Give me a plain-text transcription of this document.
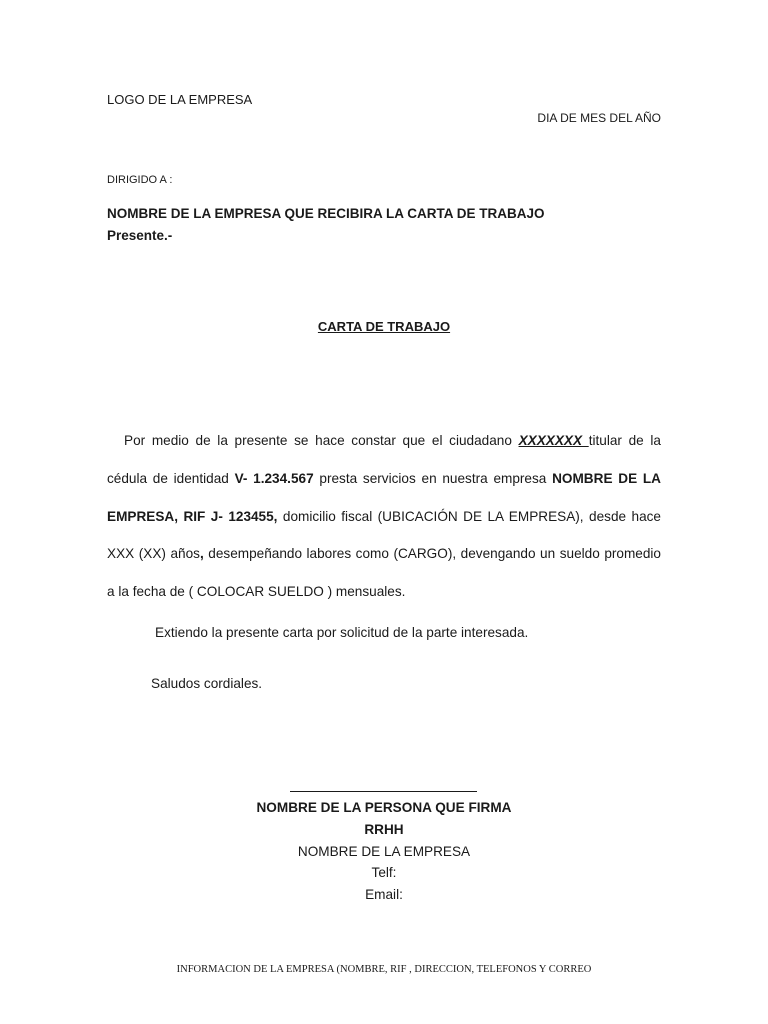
LOGO DE LA EMPRESA
DIA DE MES DEL AÑO
DIRIGIDO A :
NOMBRE DE LA EMPRESA QUE RECIBIRA LA CARTA DE TRABAJO
Presente.-
CARTA DE TRABAJO
Por medio de la presente se hace constar que el ciudadano XXXXXXX titular de la cédula de identidad V- 1.234.567 presta servicios en nuestra empresa NOMBRE DE LA EMPRESA, RIF J- 123455, domicilio fiscal (UBICACIÓN DE LA EMPRESA), desde hace XXX (XX) años, desempeñando labores como (CARGO), devengando un sueldo promedio a la fecha de ( COLOCAR SUELDO ) mensuales.
Extiendo la presente carta por solicitud de la parte interesada.
Saludos cordiales.
NOMBRE DE LA PERSONA QUE FIRMA
RRHH
NOMBRE DE LA EMPRESA
Telf:
Email:
INFORMACION DE LA EMPRESA (NOMBRE, RIF , DIRECCION, TELEFONOS Y CORREO
